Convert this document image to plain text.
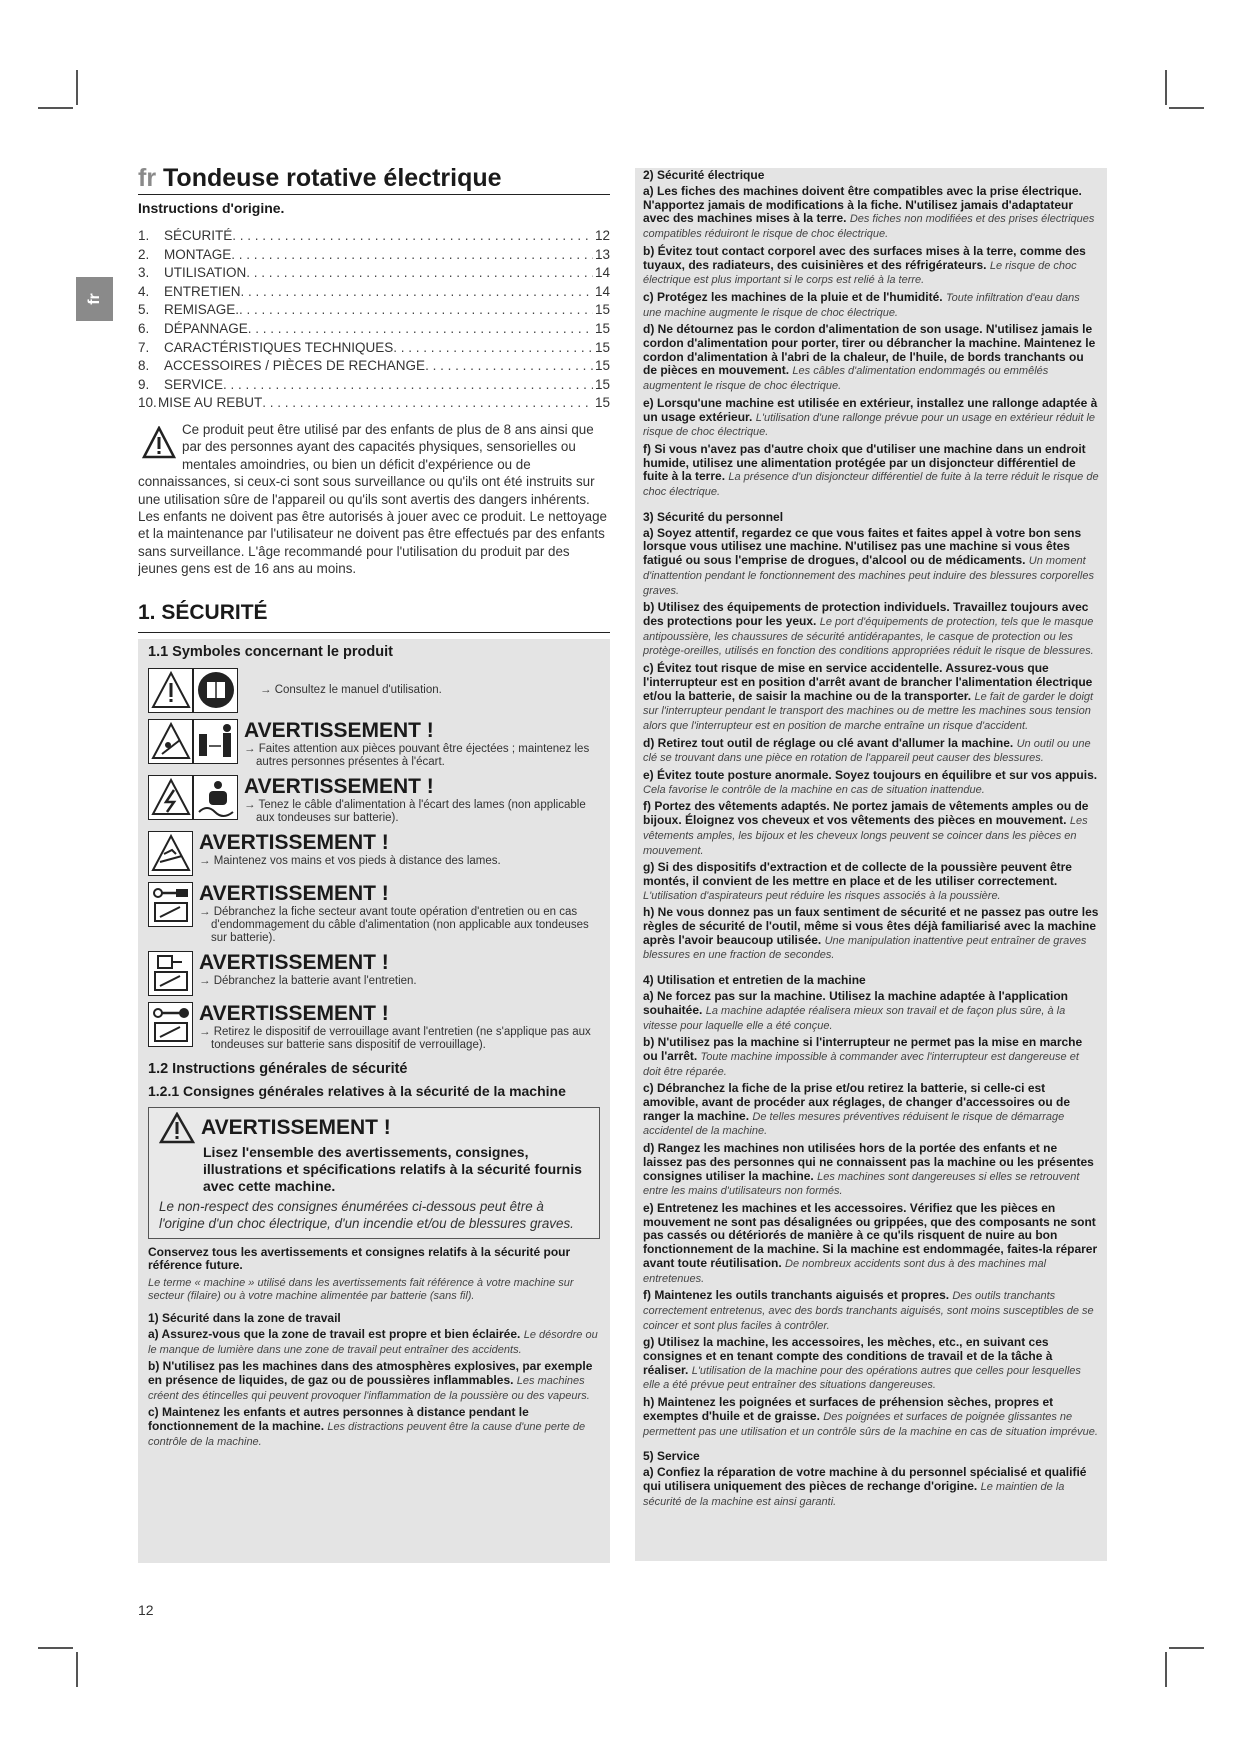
fr
fr Tondeuse rotative électrique
Instructions d'origine.
1.	SÉCURITÉ . . .	12
2.	MONTAGE . . .	13
3.	UTILISATION . . .	14
4.	ENTRETIEN . . .	14
5.	REMISAGE. . . .	15
6.	DÉPANNAGE . . .	15
7.	CARACTÉRISTIQUES TECHNIQUES . . .	15
8.	ACCESSOIRES / PIÈCES DE RECHANGE . . .	15
9.	SERVICE . . .	15
10. MISE AU REBUT . . .	15
Ce produit peut être utilisé par des enfants de plus de 8 ans ainsi que par des personnes ayant des capacités physiques, sensorielles ou mentales amoindries, ou bien un déficit d'expérience ou de connaissances, si ceux-ci sont sous surveillance ou qu'ils ont été instruits sur une utilisation sûre de l'appareil ou qu'ils sont avertis des dangers inhérents. Les enfants ne doivent pas être autorisés à jouer avec ce produit. Le nettoyage et la maintenance par l'utilisateur ne doivent pas être effectués par des enfants sans surveillance. L'âge recommandé pour l'utilisation du produit par des jeunes gens est de 16 ans au moins.
1. SÉCURITÉ
1.1 Symboles concernant le produit
→ Consultez le manuel d'utilisation.
AVERTISSEMENT !
→ Faites attention aux pièces pouvant être éjectées ; maintenez les autres personnes présentes à l'écart.
AVERTISSEMENT !
→ Tenez le câble d'alimentation à l'écart des lames (non applicable aux tondeuses sur batterie).
AVERTISSEMENT !
→ Maintenez vos mains et vos pieds à distance des lames.
AVERTISSEMENT !
→ Débranchez la fiche secteur avant toute opération d'entretien ou en cas d'endommagement du câble d'alimentation (non applicable aux tondeuses sur batterie).
AVERTISSEMENT !
→ Débranchez la batterie avant l'entretien.
AVERTISSEMENT !
→ Retirez le dispositif de verrouillage avant l'entretien (ne s'applique pas aux tondeuses sur batterie sans dispositif de verrouillage).
1.2 Instructions générales de sécurité
1.2.1 Consignes générales relatives à la sécurité de la machine
AVERTISSEMENT !
Lisez l'ensemble des avertissements, consignes, illustrations et spécifications relatifs à la sécurité fournis avec cette machine.
Le non-respect des consignes énumérées ci-dessous peut être à l'origine d'un choc électrique, d'un incendie et/ou de blessures graves.
Conservez tous les avertissements et consignes relatifs à la sécurité pour référence future.
Le terme « machine » utilisé dans les avertissements fait référence à votre machine sur secteur (filaire) ou à votre machine alimentée par batterie (sans fil).
1) Sécurité dans la zone de travail
a) Assurez-vous que la zone de travail est propre et bien éclairée. Le désordre ou le manque de lumière dans une zone de travail peut entraîner des accidents.
b) N'utilisez pas les machines dans des atmosphères explosives, par exemple en présence de liquides, de gaz ou de poussières inflammables. Les machines créent des étincelles qui peuvent provoquer l'inflammation de la poussière ou des vapeurs.
c) Maintenez les enfants et autres personnes à distance pendant le fonctionnement de la machine. Les distractions peuvent être la cause d'une perte de contrôle de la machine.
2) Sécurité électrique
a) Les fiches des machines doivent être compatibles avec la prise électrique. N'apportez jamais de modifications à la fiche. N'utilisez jamais d'adaptateur avec des machines mises à la terre. Des fiches non modifiées et des prises électriques compatibles réduiront le risque de choc électrique.
b) Évitez tout contact corporel avec des surfaces mises à la terre, comme des tuyaux, des radiateurs, des cuisinières et des réfrigérateurs. Le risque de choc électrique est plus important si le corps est relié à la terre.
c) Protégez les machines de la pluie et de l'humidité. Toute infiltration d'eau dans une machine augmente le risque de choc électrique.
d) Ne détournez pas le cordon d'alimentation de son usage. N'utilisez jamais le cordon d'alimentation pour porter, tirer ou débrancher la machine. Maintenez le cordon d'alimentation à l'abri de la chaleur, de l'huile, de bords tranchants ou de pièces en mouvement. Les câbles d'alimentation endommagés ou emmêlés augmentent le risque de choc électrique.
e) Lorsqu'une machine est utilisée en extérieur, installez une rallonge adaptée à un usage extérieur. L'utilisation d'une rallonge prévue pour un usage en extérieur réduit le risque de choc électrique.
f) Si vous n'avez pas d'autre choix que d'utiliser une machine dans un endroit humide, utilisez une alimentation protégée par un disjoncteur différentiel de fuite à la terre. La présence d'un disjoncteur différentiel de fuite à la terre réduit le risque de choc électrique.
3) Sécurité du personnel
a) Soyez attentif, regardez ce que vous faites et faites appel à votre bon sens lorsque vous utilisez une machine. N'utilisez pas une machine si vous êtes fatigué ou sous l'emprise de drogues, d'alcool ou de médicaments. Un moment d'inattention pendant le fonctionnement des machines peut induire des blessures corporelles graves.
b) Utilisez des équipements de protection individuels. Travaillez toujours avec des protections pour les yeux. Le port d'équipements de protection, tels que le masque antipoussière, les chaussures de sécurité antidérapantes, le casque de protection ou les protège-oreilles, utilisés en fonction des conditions appropriées réduit le risque de blessures.
c) Évitez tout risque de mise en service accidentelle. Assurez-vous que l'interrupteur est en position d'arrêt avant de brancher l'alimentation électrique et/ou la batterie, de saisir la machine ou de la transporter. Le fait de garder le doigt sur l'interrupteur pendant le transport des machines ou de mettre les machines sous tension alors que l'interrupteur est en position de marche entraîne un risque d'accident.
d) Retirez tout outil de réglage ou clé avant d'allumer la machine. Un outil ou une clé se trouvant dans une pièce en rotation de l'appareil peut causer des blessures.
e) Évitez toute posture anormale. Soyez toujours en équilibre et sur vos appuis. Cela favorise le contrôle de la machine en cas de situation inattendue.
f) Portez des vêtements adaptés. Ne portez jamais de vêtements amples ou de bijoux. Éloignez vos cheveux et vos vêtements des pièces en mouvement. Les vêtements amples, les bijoux et les cheveux longs peuvent se coincer dans les pièces en mouvement.
g) Si des dispositifs d'extraction et de collecte de la poussière peuvent être montés, il convient de les mettre en place et de les utiliser correctement. L'utilisation d'aspirateurs peut réduire les risques associés à la poussière.
h) Ne vous donnez pas un faux sentiment de sécurité et ne passez pas outre les règles de sécurité de l'outil, même si vous êtes déjà familiarisé avec la machine après l'avoir beaucoup utilisée. Une manipulation inattentive peut entraîner de graves blessures en une fraction de secondes.
4) Utilisation et entretien de la machine
a) Ne forcez pas sur la machine. Utilisez la machine adaptée à l'application souhaitée. La machine adaptée réalisera mieux son travail et de façon plus sûre, à la vitesse pour laquelle elle a été conçue.
b) N'utilisez pas la machine si l'interrupteur ne permet pas la mise en marche ou l'arrêt. Toute machine impossible à commander avec l'interrupteur est dangereuse et doit être réparée.
c) Débranchez la fiche de la prise et/ou retirez la batterie, si celle-ci est amovible, avant de procéder aux réglages, de changer d'accessoires ou de ranger la machine. De telles mesures préventives réduisent le risque de démarrage accidentel de la machine.
d) Rangez les machines non utilisées hors de la portée des enfants et ne laissez pas des personnes qui ne connaissent pas la machine ou les présentes consignes utiliser la machine. Les machines sont dangereuses si elles se retrouvent entre les mains d'utilisateurs non formés.
e) Entretenez les machines et les accessoires. Vérifiez que les pièces en mouvement ne sont pas désalignées ou grippées, que des composants ne sont pas cassés ou détériorés de manière à ce qu'ils risquent de nuire au bon fonctionnement de la machine. Si la machine est endommagée, faites-la réparer avant toute réutilisation. De nombreux accidents sont dus à des machines mal entretenues.
f) Maintenez les outils tranchants aiguisés et propres. Des outils tranchants correctement entretenus, avec des bords tranchants aiguisés, sont moins susceptibles de se coincer et sont plus faciles à contrôler.
g) Utilisez la machine, les accessoires, les mèches, etc., en suivant ces consignes et en tenant compte des conditions de travail et de la tâche à réaliser. L'utilisation de la machine pour des opérations autres que celles pour lesquelles elle a été prévue peut entraîner des situations dangereuses.
h) Maintenez les poignées et surfaces de préhension sèches, propres et exemptes d'huile et de graisse. Des poignées et surfaces de poignée glissantes ne permettent pas une utilisation et un contrôle sûrs de la machine en cas de situation imprévue.
5) Service
a) Confiez la réparation de votre machine à du personnel spécialisé et qualifié qui utilisera uniquement des pièces de rechange d'origine. Le maintien de la sécurité de la machine est ainsi garanti.
12
